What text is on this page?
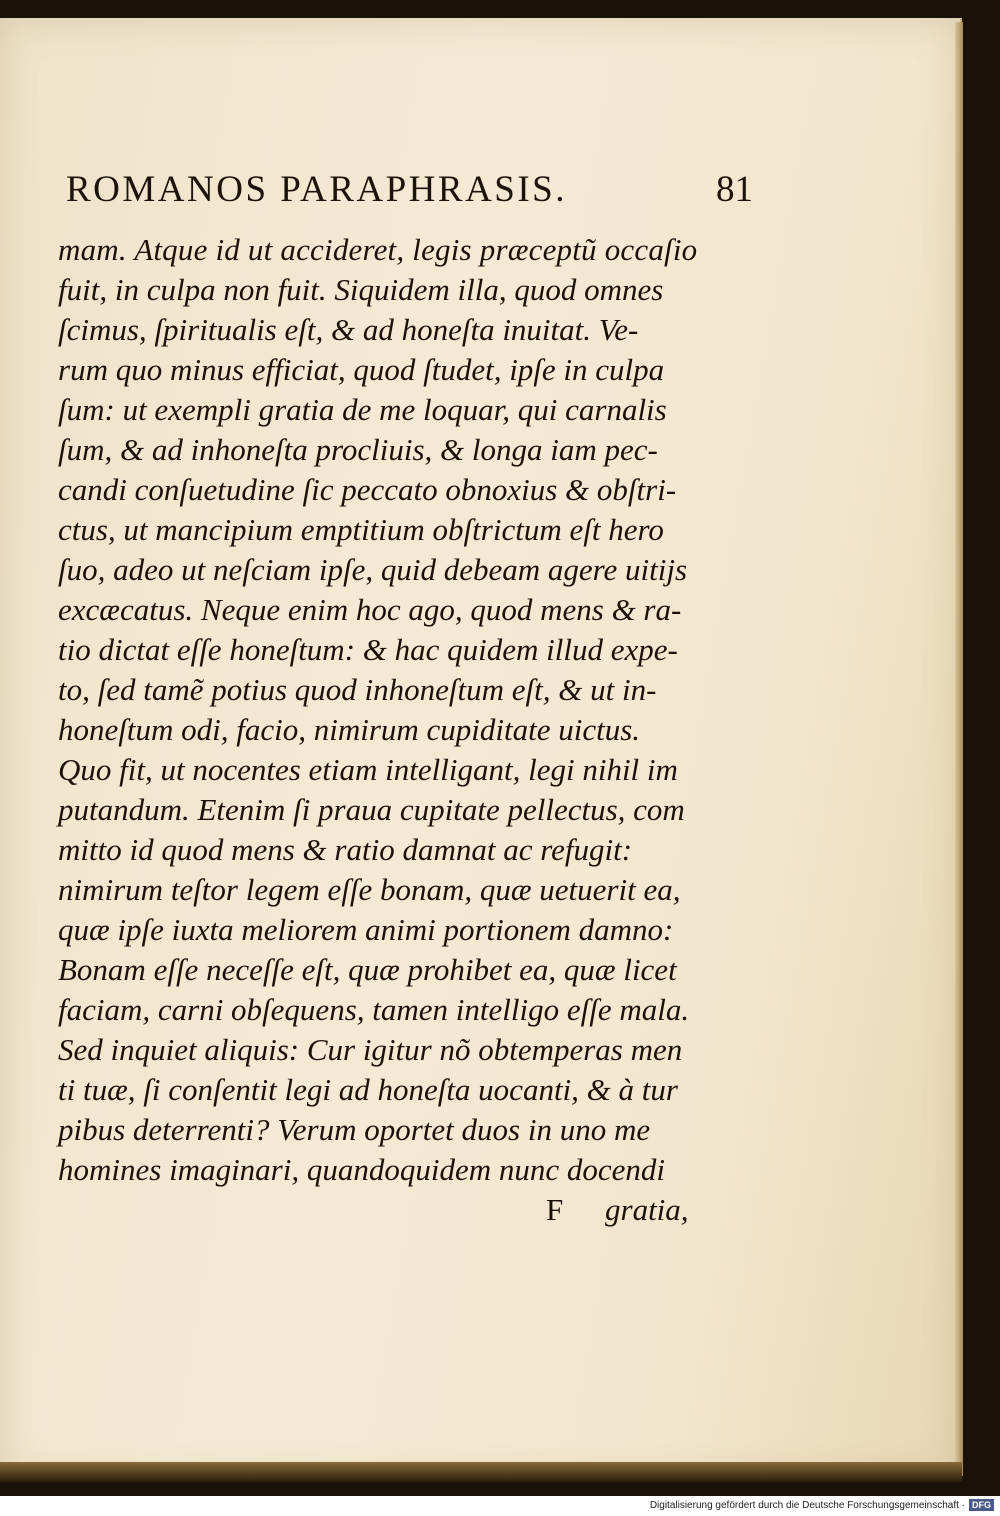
ROMANOS PARAPHRASIS.	81
mam. Atque id ut accideret, legis præceptũ occaſio
fuit, in culpa non fuit. Siquidem illa, quod omnes
ſcimus, ſpiritualis eſt, & ad honeſta inuitat. Ve-
rum quo minus efficiat, quod ſtudet, ipſe in culpa
ſum: ut exempli gratia de me loquar, qui carnalis
ſum, & ad inhoneſta procliuis, & longa iam pec-
candi conſuetudine ſic peccato obnoxius & obſtri-
ctus, ut mancipium emptitium obſtrictum eſt hero
ſuo, adeo ut neſciam ipſe, quid debeam agere uitijs
excæcatus. Neque enim hoc ago, quod mens & ra-
tio dictat eſſe honeſtum: & hac quidem illud expe-
to, ſed tamẽ potius quod inhoneſtum eſt, & ut in-
honeſtum odi, facio, nimirum cupiditate uictus.
Quo fit, ut nocentes etiam intelligant, legi nihil im
putandum. Etenim ſi praua cupitate pellectus, com
mitto id quod mens & ratio damnat ac refugit:
nimirum teſtor legem eſſe bonam, quæ uetuerit ea,
quæ ipſe iuxta meliorem animi portionem damno:
Bonam eſſe neceſſe eſt, quæ prohibet ea, quæ licet
faciam, carni obſequens, tamen intelligo eſſe mala.
Sed inquiet aliquis: Cur igitur nõ obtemperas men
ti tuæ, ſi conſentit legi ad honeſta uocanti, & à tur
pibus deterrenti? Verum oportet duos in uno me
homines imaginari, quandoquidem nunc docendi
F gratia,
Digitalisierung gefördert durch die Deutsche Forschungsgemeinschaft · DFG
